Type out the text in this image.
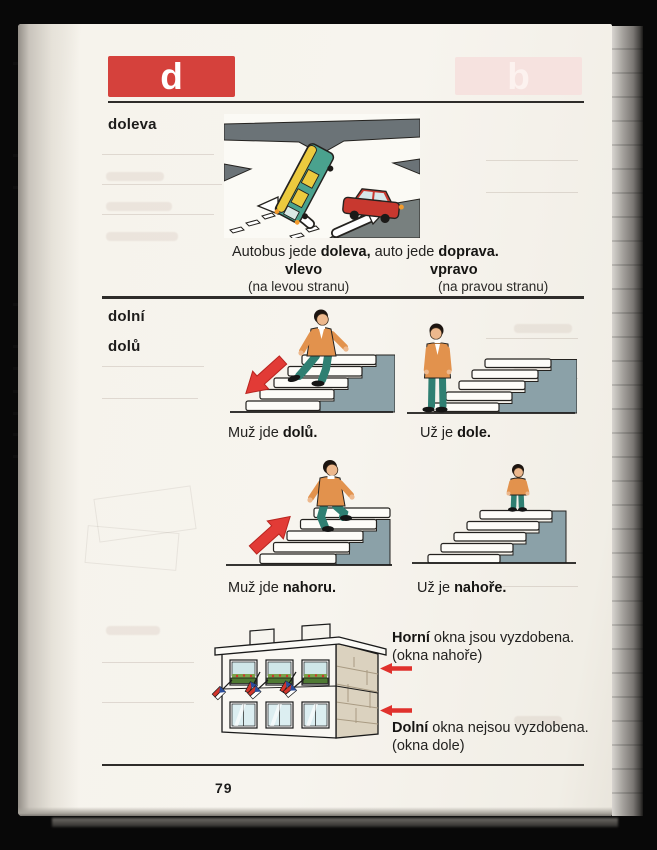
d	b
doleva
Autobus jede doleva, auto jede doprava.
vlevo	vpravo
(na levou stranu)	(na pravou stranu)
dolní
dolů
Muž jde dolů.	Už je dole.
Muž jde nahoru.	Už je nahoře.
Horní okna jsou vyzdobena.
(okna nahoře)
Dolní okna nejsou vyzdobena.
(okna dole)
79
